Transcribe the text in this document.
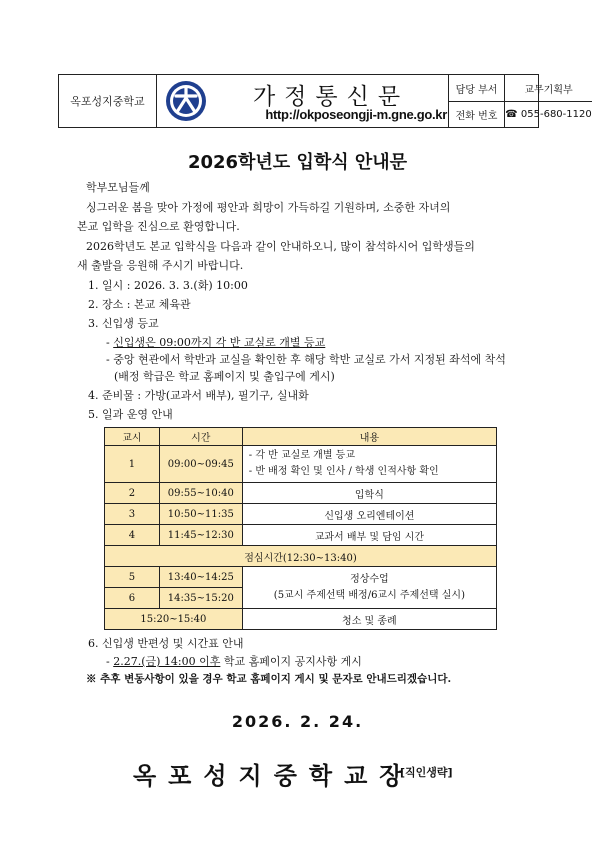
옥포성지중학교	가정통신문
http://okposeongji-m.gne.go.kr
담당 부서	교무기획부
전화 번호 ☎ 055-680-1120
2026학년도 입학식 안내문
학부모님들께
싱그러운 봄을 맞아 가정에 평안과 희망이 가득하길 기원하며, 소중한 자녀의
본교 입학을 진심으로 환영합니다.
2026학년도 본교 입학식을 다음과 같이 안내하오니, 많이 참석하시어 입학생들의
새 출발을 응원해 주시기 바랍니다.
1. 일시 : 2026. 3. 3.(화) 10:00
2. 장소 : 본교 체육관
3. 신입생 등교
- 신입생은 09:00까지 각 반 교실로 개별 등교
- 중앙 현관에서 학반과 교실을 확인한 후 해당 학반 교실로 가서 지정된 좌석에 착석
(배정 학급은 학교 홈페이지 및 출입구에 게시)
4. 준비물 : 가방(교과서 배부), 필기구, 실내화
5. 일과 운영 안내
교시	시간	내용
1	09:00~09:45	- 각 반 교실로 개별 등교
- 반 배정 확인 및 인사 / 학생 인적사항 확인

2	09:55~10:40	입학식
3	10:50~11:35	신입생 오리엔테이션
4	11:45~12:30	교과서 배부 및 담임 시간
점심시간(12:30~13:40)		
5	13:40~14:25	정상수업
(5교시 주제선택 배정/6교시 주제선택 실시)

6	14:35~15:20	
15:20~15:40		청소 및 종례
6. 신입생 반편성 및 시간표 안내
- 2.27.(금) 14:00 이후 학교 홈페이지 공지사항 게시
※ 추후 변동사항이 있을 경우 학교 홈페이지 게시 및 문자로 안내드리겠습니다.
2026. 2. 24.
옥포성지중학교장
[직인생략]
